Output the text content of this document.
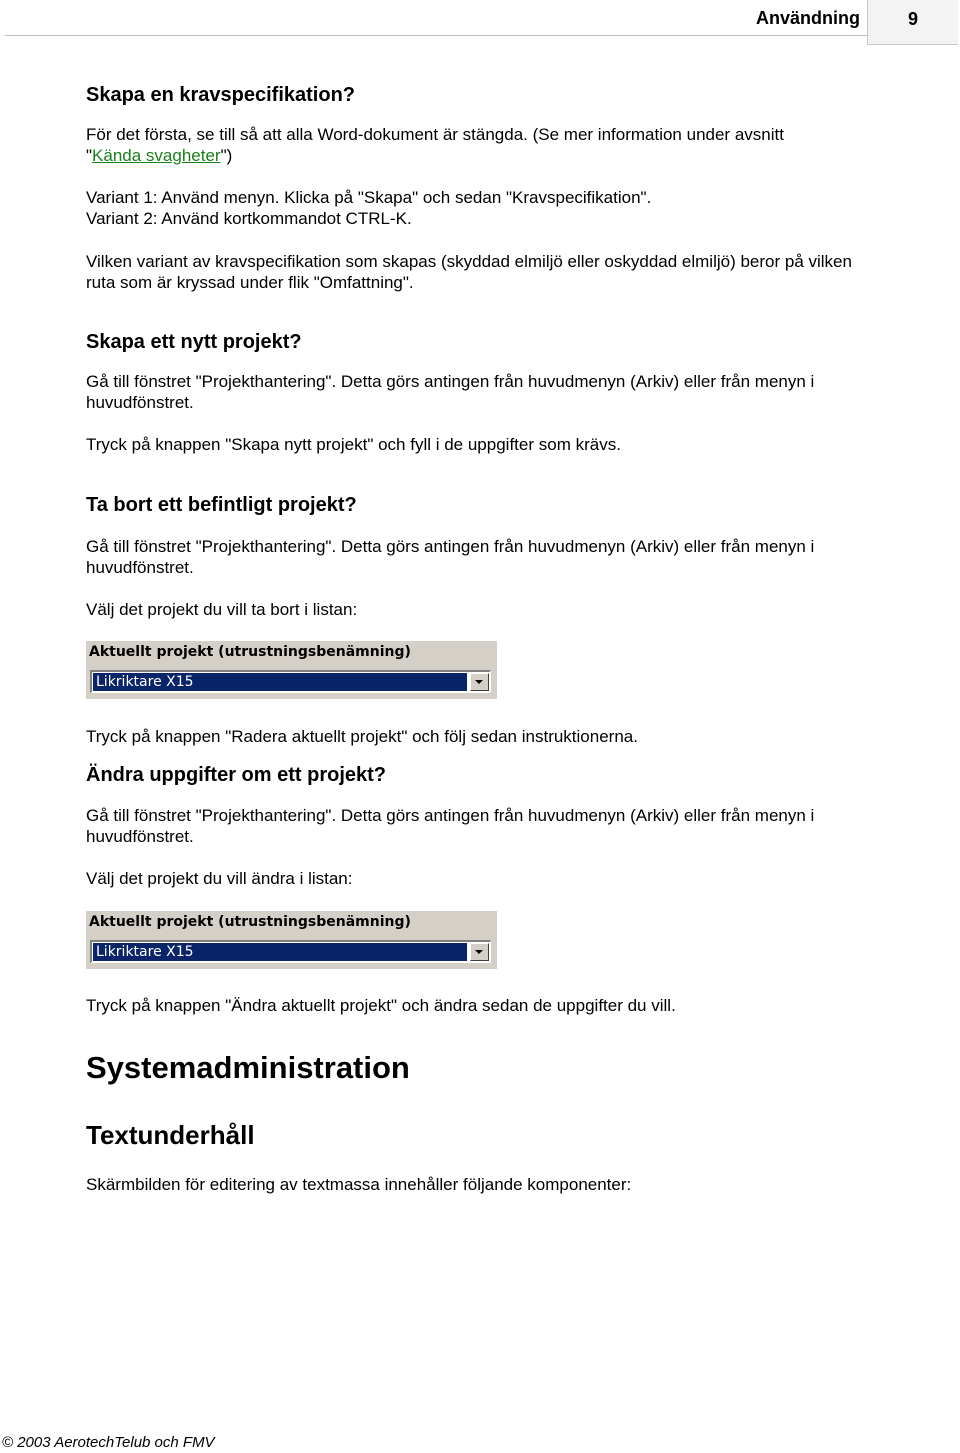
Användning	9
Skapa en kravspecifikation?
För det första, se till så att alla Word-dokument är stängda. (Se mer information under avsnitt
"Kända svagheter")
Variant 1: Använd menyn. Klicka på "Skapa" och sedan "Kravspecifikation".
Variant 2: Använd kortkommandot CTRL-K.
Vilken variant av kravspecifikation som skapas (skyddad elmiljö eller oskyddad elmiljö) beror på vilken
ruta som är kryssad under flik "Omfattning".
Skapa ett nytt projekt?
Gå till fönstret "Projekthantering". Detta görs antingen från huvudmenyn (Arkiv) eller från menyn i
huvudfönstret.
Tryck på knappen "Skapa nytt projekt" och fyll i de uppgifter som krävs.
Ta bort ett befintligt projekt?
Gå till fönstret "Projekthantering". Detta görs antingen från huvudmenyn (Arkiv) eller från menyn i
huvudfönstret.
Välj det projekt du vill ta bort i listan:
Aktuellt projekt (utrustningsbenämning)
Likriktare X15
Tryck på knappen "Radera aktuellt projekt" och följ sedan instruktionerna.
Ändra uppgifter om ett projekt?
Gå till fönstret "Projekthantering". Detta görs antingen från huvudmenyn (Arkiv) eller från menyn i
huvudfönstret.
Välj det projekt du vill ändra i listan:
Aktuellt projekt (utrustningsbenämning)
Likriktare X15
Tryck på knappen "Ändra aktuellt projekt" och ändra sedan de uppgifter du vill.
Systemadministration
Textunderhåll
Skärmbilden för editering av textmassa innehåller följande komponenter:
© 2003 AerotechTelub och FMV
